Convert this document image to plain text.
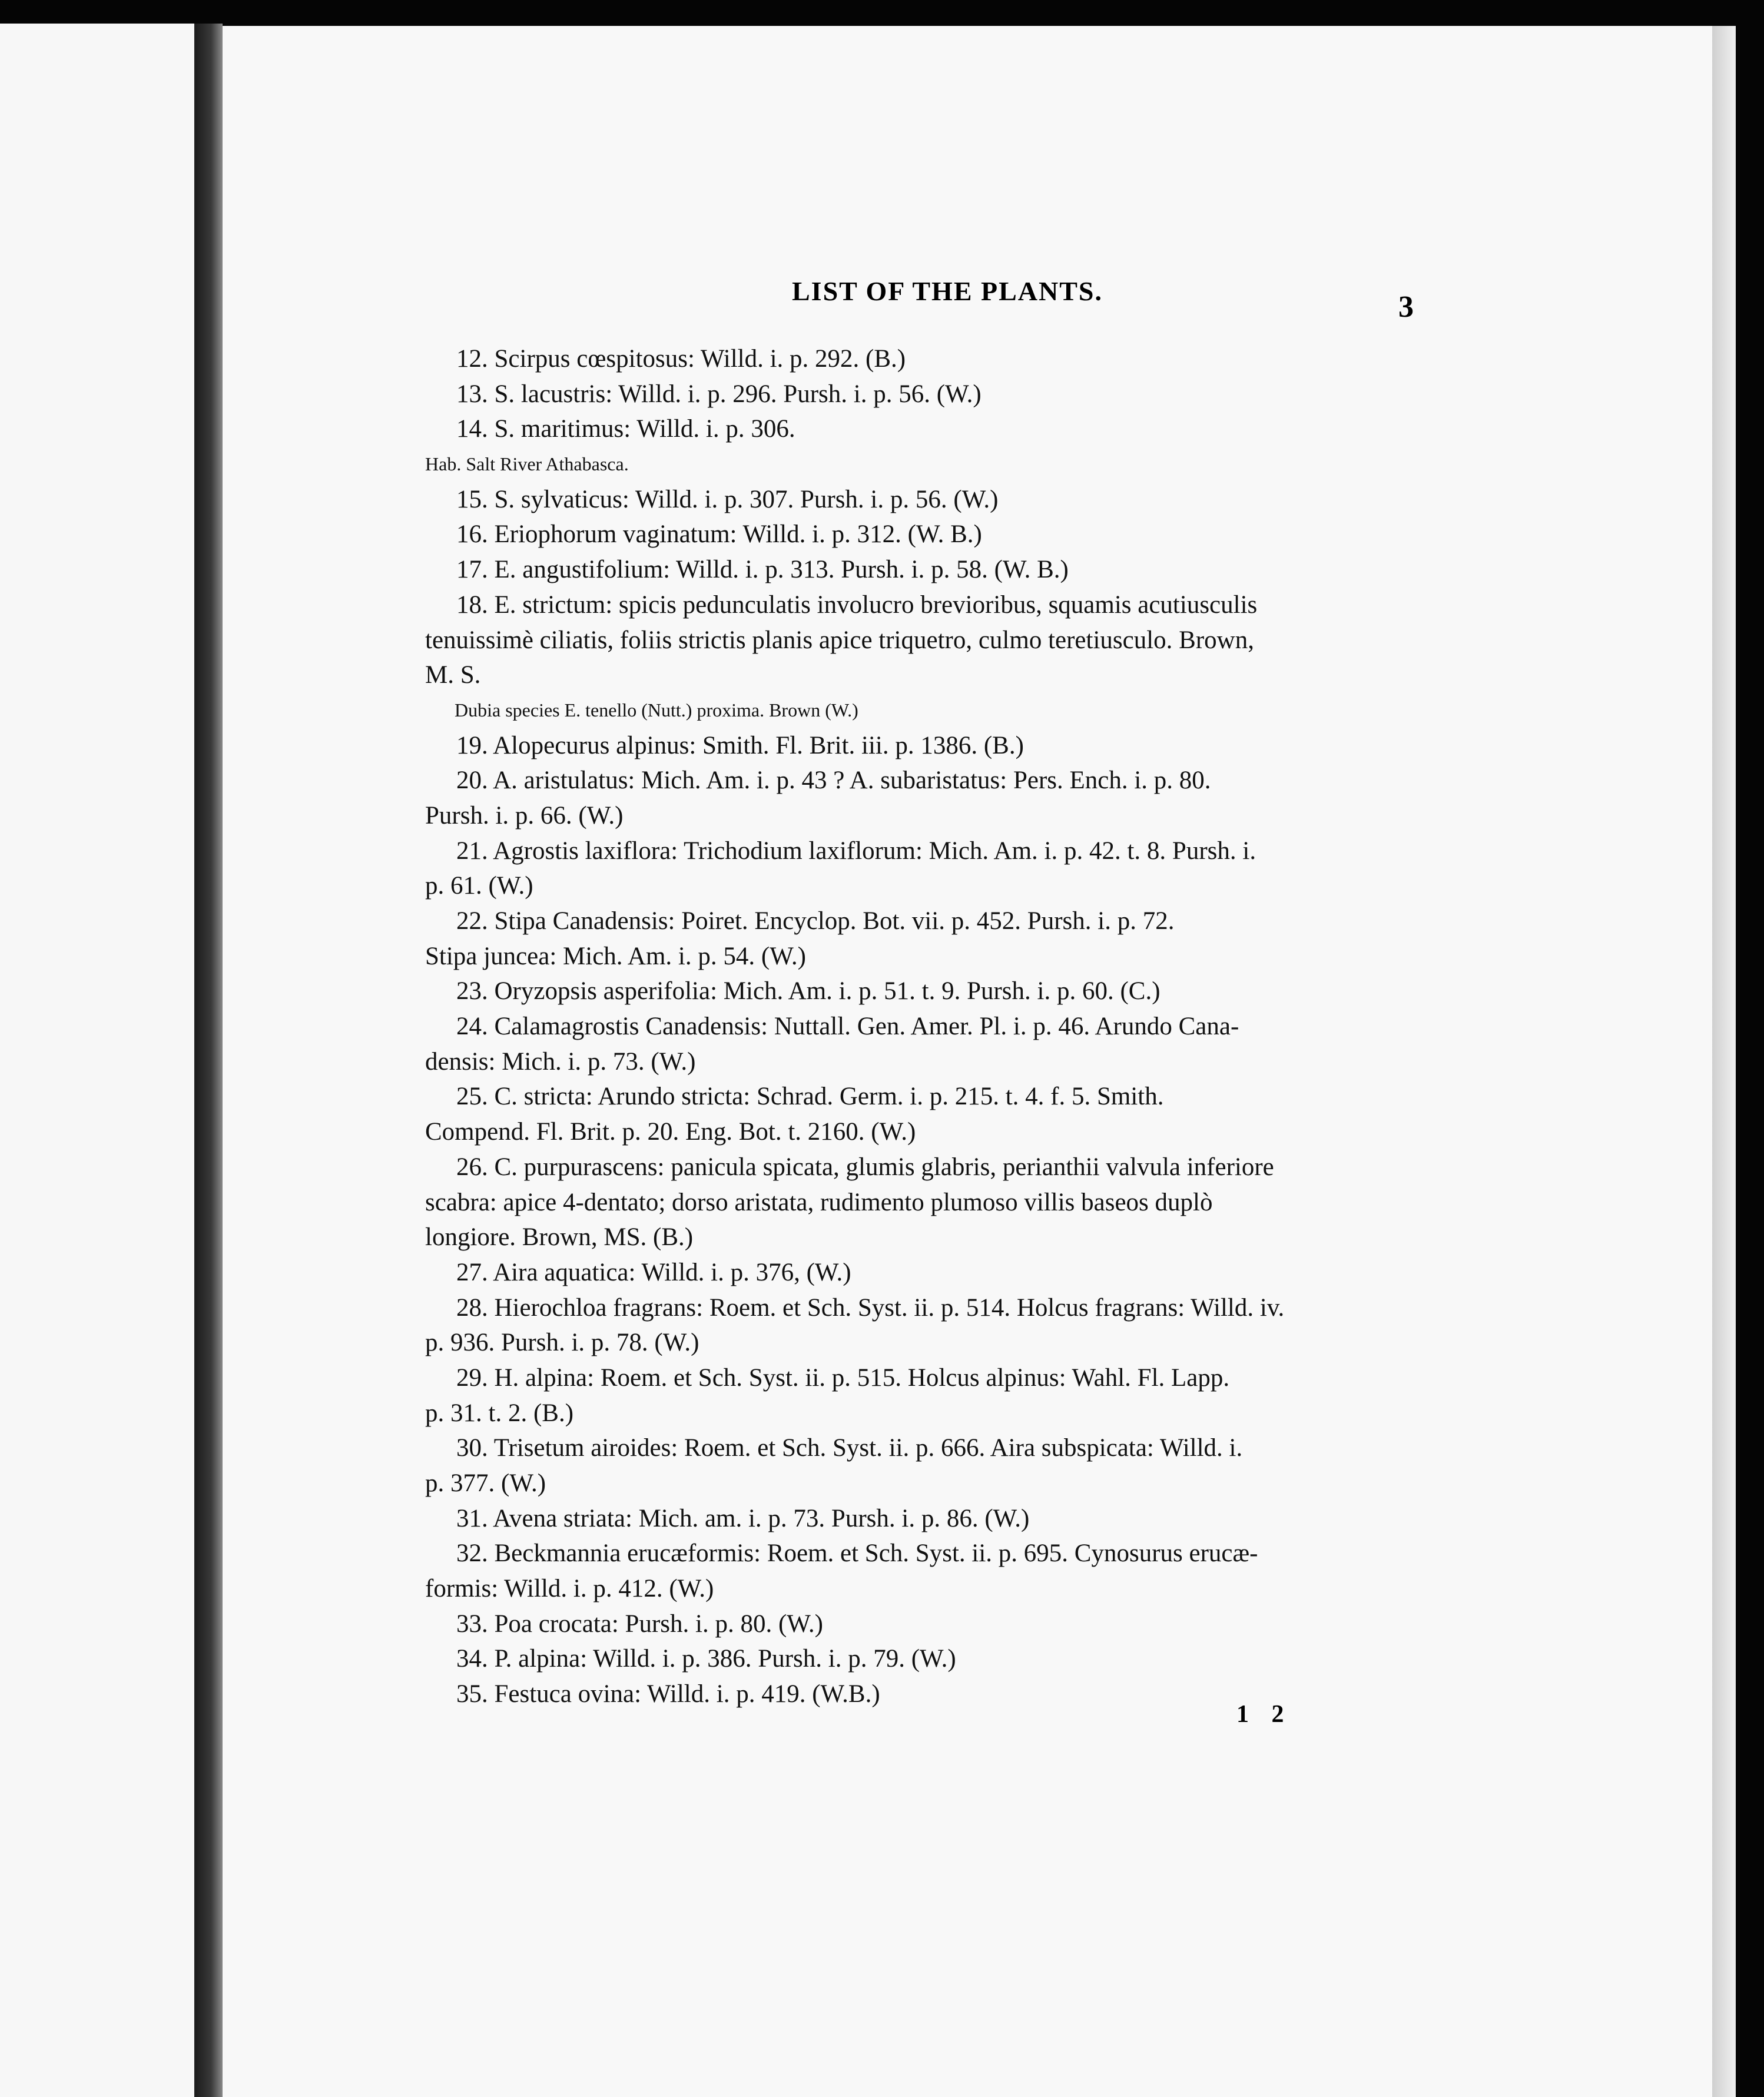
LIST OF THE PLANTS.	3
12. Scirpus cœspitosus: Willd. i. p. 292. (B.)
13. S. lacustris: Willd. i. p. 296. Pursh. i. p. 56. (W.)
14. S. maritimus: Willd. i. p. 306.
Hab. Salt River Athabasca.
15. S. sylvaticus: Willd. i. p. 307. Pursh. i. p. 56. (W.)
16. Eriophorum vaginatum: Willd. i. p. 312. (W. B.)
17. E. angustifolium: Willd. i. p. 313. Pursh. i. p. 58. (W. B.)
18. E. strictum: spicis pedunculatis involucro brevioribus, squamis acutiusculis
tenuissimè ciliatis, foliis strictis planis apice triquetro, culmo teretiusculo. Brown,
M. S.
Dubia species E. tenello (Nutt.) proxima. Brown (W.)
19. Alopecurus alpinus: Smith. Fl. Brit. iii. p. 1386. (B.)
20. A. aristulatus: Mich. Am. i. p. 43 ? A. subaristatus: Pers. Ench. i. p. 80.
Pursh. i. p. 66. (W.)
21. Agrostis laxiflora: Trichodium laxiflorum: Mich. Am. i. p. 42. t. 8. Pursh. i.
p. 61. (W.)
22. Stipa Canadensis: Poiret. Encyclop. Bot. vii. p. 452. Pursh. i. p. 72.
Stipa juncea: Mich. Am. i. p. 54. (W.)
23. Oryzopsis asperifolia: Mich. Am. i. p. 51. t. 9. Pursh. i. p. 60. (C.)
24. Calamagrostis Canadensis: Nuttall. Gen. Amer. Pl. i. p. 46. Arundo Cana-
densis: Mich. i. p. 73. (W.)
25. C. stricta: Arundo stricta: Schrad. Germ. i. p. 215. t. 4. f. 5. Smith.
Compend. Fl. Brit. p. 20. Eng. Bot. t. 2160. (W.)
26. C. purpurascens: panicula spicata, glumis glabris, perianthii valvula inferiore
scabra: apice 4-dentato; dorso aristata, rudimento plumoso villis baseos duplò
longiore. Brown, MS. (B.)
27. Aira aquatica: Willd. i. p. 376, (W.)
28. Hierochloa fragrans: Roem. et Sch. Syst. ii. p. 514. Holcus fragrans: Willd. iv.
p. 936. Pursh. i. p. 78. (W.)
29. H. alpina: Roem. et Sch. Syst. ii. p. 515. Holcus alpinus: Wahl. Fl. Lapp.
p. 31. t. 2. (B.)
30. Trisetum airoides: Roem. et Sch. Syst. ii. p. 666. Aira subspicata: Willd. i.
p. 377. (W.)
31. Avena striata: Mich. am. i. p. 73. Pursh. i. p. 86. (W.)
32. Beckmannia erucæformis: Roem. et Sch. Syst. ii. p. 695. Cynosurus erucæ-
formis: Willd. i. p. 412. (W.)
33. Poa crocata: Pursh. i. p. 80. (W.)
34. P. alpina: Willd. i. p. 386. Pursh. i. p. 79. (W.)
35. Festuca ovina: Willd. i. p. 419. (W.B.)
1 2
